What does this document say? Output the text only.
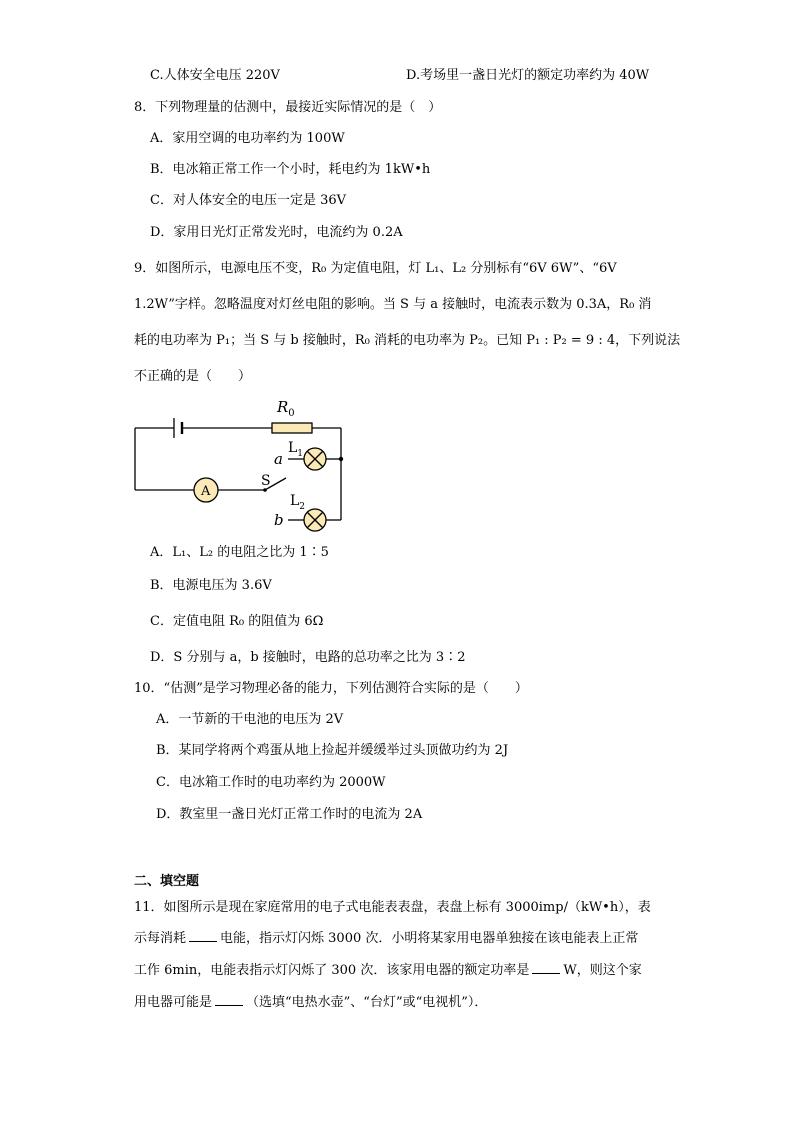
C.人体安全电压 220V	D.考场里一盏日光灯的额定功率约为 40W
8．下列物理量的估测中，最接近实际情况的是（　）
A．家用空调的电功率约为 100W
B．电冰箱正常工作一个小时，耗电约为 1kW•h
C．对人体安全的电压一定是 36V
D．家用日光灯正常发光时，电流约为 0.2A
9．如图所示，电源电压不变，R₀ 为定值电阻，灯 L₁、L₂ 分别标有“6V 6W”、“6V
1.2W”字样。忽略温度对灯丝电阻的影响。当 S 与 a 接触时，电流表示数为 0.3A，R₀ 消
耗的电功率为 P₁；当 S 与 b 接触时，R₀ 消耗的电功率为 P₂。已知 P₁ : P₂ = 9 : 4，下列说法
不正确的是（　　）
$R_0$
$L_1$
a
S
$L_2$
b
A
A．L₁、L₂ 的电阻之比为 1∶5
B．电源电压为 3.6V
C．定值电阻 R₀ 的阻值为 6Ω
D．S 分别与 a，b 接触时，电路的总功率之比为 3∶2
10．“估测”是学习物理必备的能力，下列估测符合实际的是（　　）
A．一节新的干电池的电压为 2V
B．某同学将两个鸡蛋从地上捡起并缓缓举过头顶做功约为 2J
C．电冰箱工作时的电功率约为 2000W
D．教室里一盏日光灯正常工作时的电流为 2A
二、填空题
11．如图所示是现在家庭常用的电子式电能表表盘，表盘上标有 3000imp/（kW•h），表
示每消耗	电能，指示灯闪烁 3000 次．小明将某家用电器单独接在该电能表上正常
工作 6min，电能表指示灯闪烁了 300 次．该家用电器的额定功率是	W，则这个家
用电器可能是	（选填“电热水壶”、“台灯”或“电视机”）．
